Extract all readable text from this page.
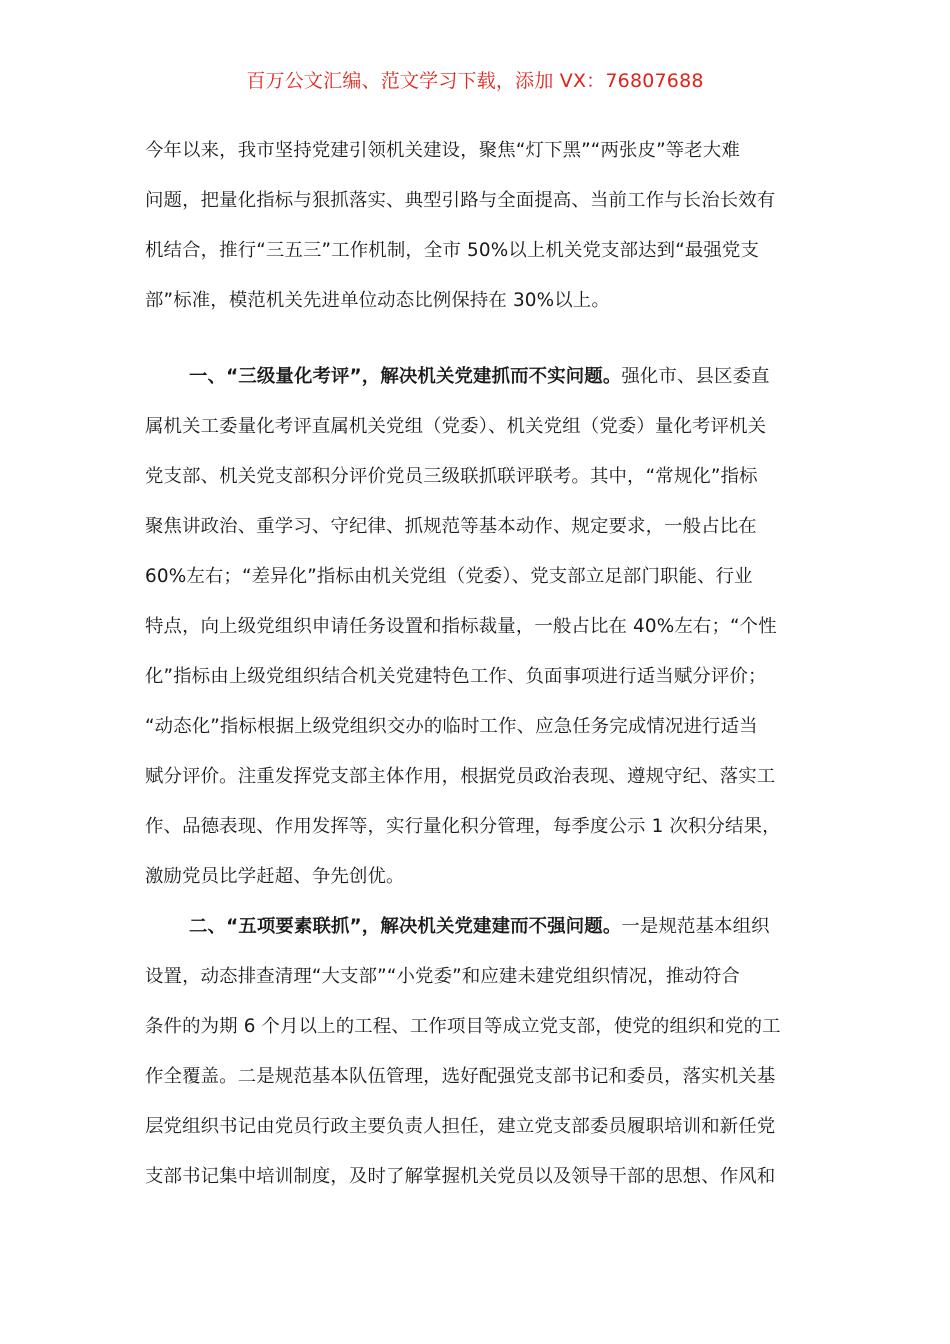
百万公文汇编、范文学习下载，添加 VX：76807688
今年以来，我市坚持党建引领机关建设，聚焦“灯下黑”“两张皮”等老大难
问题，把量化指标与狠抓落实、典型引路与全面提高、当前工作与长治长效有
机结合，推行“三五三”工作机制，全市 50%以上机关党支部达到“最强党支
部”标准，模范机关先进单位动态比例保持在 30%以上。
一、“三级量化考评”，解决机关党建抓而不实问题。强化市、县区委直
属机关工委量化考评直属机关党组（党委）、机关党组（党委）量化考评机关
党支部、机关党支部积分评价党员三级联抓联评联考。其中，“常规化”指标
聚焦讲政治、重学习、守纪律、抓规范等基本动作、规定要求，一般占比在
60%左右；“差异化”指标由机关党组（党委）、党支部立足部门职能、行业
特点，向上级党组织申请任务设置和指标裁量，一般占比在 40%左右；“个性
化”指标由上级党组织结合机关党建特色工作、负面事项进行适当赋分评价；
“动态化”指标根据上级党组织交办的临时工作、应急任务完成情况进行适当
赋分评价。注重发挥党支部主体作用，根据党员政治表现、遵规守纪、落实工
作、品德表现、作用发挥等，实行量化积分管理，每季度公示 1 次积分结果，
激励党员比学赶超、争先创优。
二、“五项要素联抓”，解决机关党建建而不强问题。一是规范基本组织
设置，动态排查清理“大支部”“小党委”和应建未建党组织情况，推动符合
条件的为期 6 个月以上的工程、工作项目等成立党支部，使党的组织和党的工
作全覆盖。二是规范基本队伍管理，选好配强党支部书记和委员，落实机关基
层党组织书记由党员行政主要负责人担任，建立党支部委员履职培训和新任党
支部书记集中培训制度，及时了解掌握机关党员以及领导干部的思想、作风和
